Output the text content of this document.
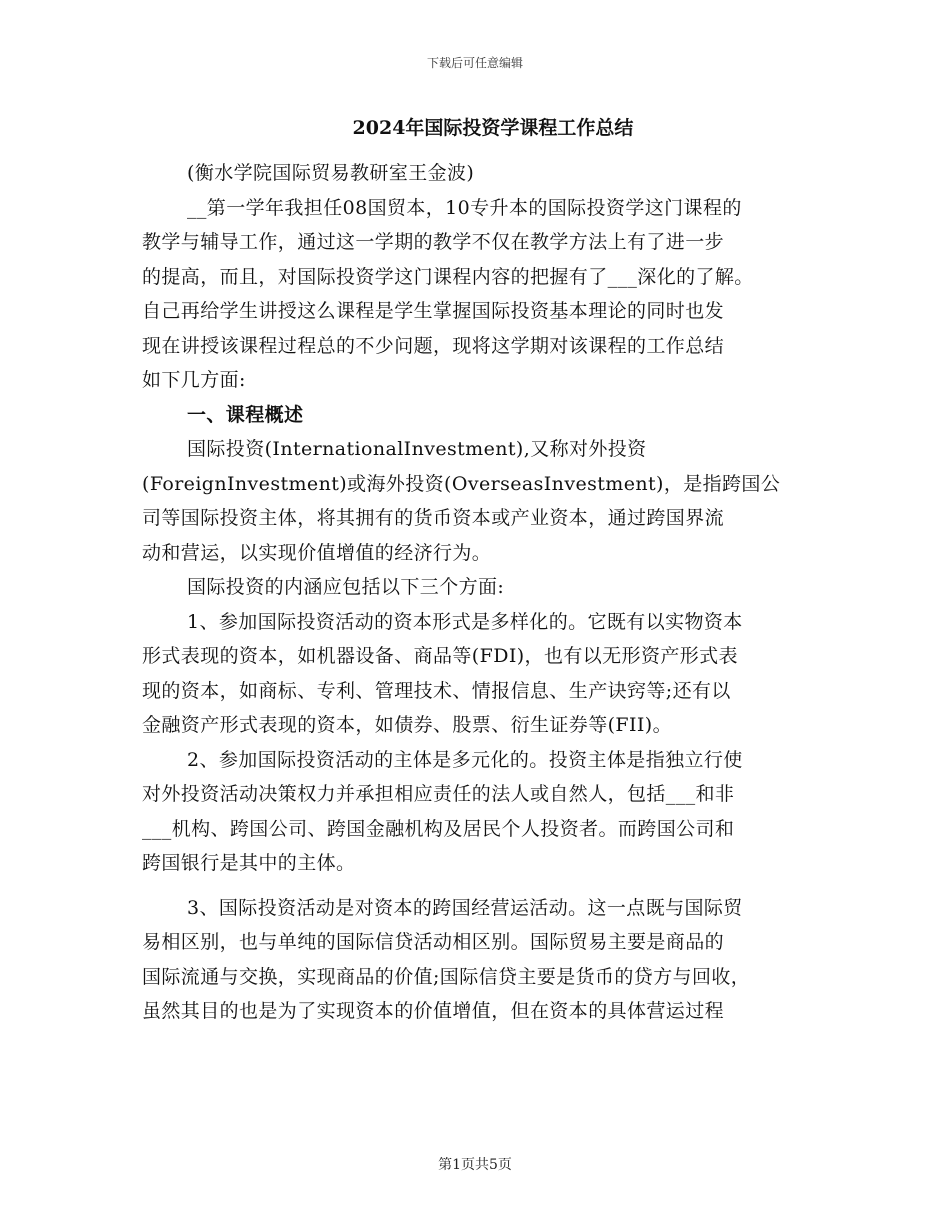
下载后可任意编辑
2024年国际投资学课程工作总结
(衡水学院国际贸易教研室王金波)
__第一学年我担任08国贸本，10专升本的国际投资学这门课程的
教学与辅导工作，通过这一学期的教学不仅在教学方法上有了进一步
的提高，而且，对国际投资学这门课程内容的把握有了___深化的了解。
自己再给学生讲授这么课程是学生掌握国际投资基本理论的同时也发
现在讲授该课程过程总的不少问题，现将这学期对该课程的工作总结
如下几方面:
一、课程概述
国际投资(InternationalInvestment),又称对外投资
(ForeignInvestment)或海外投资(OverseasInvestment)，是指跨国公
司等国际投资主体，将其拥有的货币资本或产业资本，通过跨国界流
动和营运，以实现价值增值的经济行为。
国际投资的内涵应包括以下三个方面:
1、参加国际投资活动的资本形式是多样化的。它既有以实物资本
形式表现的资本，如机器设备、商品等(FDI)，也有以无形资产形式表
现的资本，如商标、专利、管理技术、情报信息、生产诀窍等;还有以
金融资产形式表现的资本，如债券、股票、衍生证券等(FII)。
2、参加国际投资活动的主体是多元化的。投资主体是指独立行使
对外投资活动决策权力并承担相应责任的法人或自然人，包括___和非
___机构、跨国公司、跨国金融机构及居民个人投资者。而跨国公司和
跨国银行是其中的主体。
3、国际投资活动是对资本的跨国经营运活动。这一点既与国际贸
易相区别，也与单纯的国际信贷活动相区别。国际贸易主要是商品的
国际流通与交换，实现商品的价值;国际信贷主要是货币的贷方与回收，
虽然其目的也是为了实现资本的价值增值，但在资本的具体营运过程
第1页共5页
